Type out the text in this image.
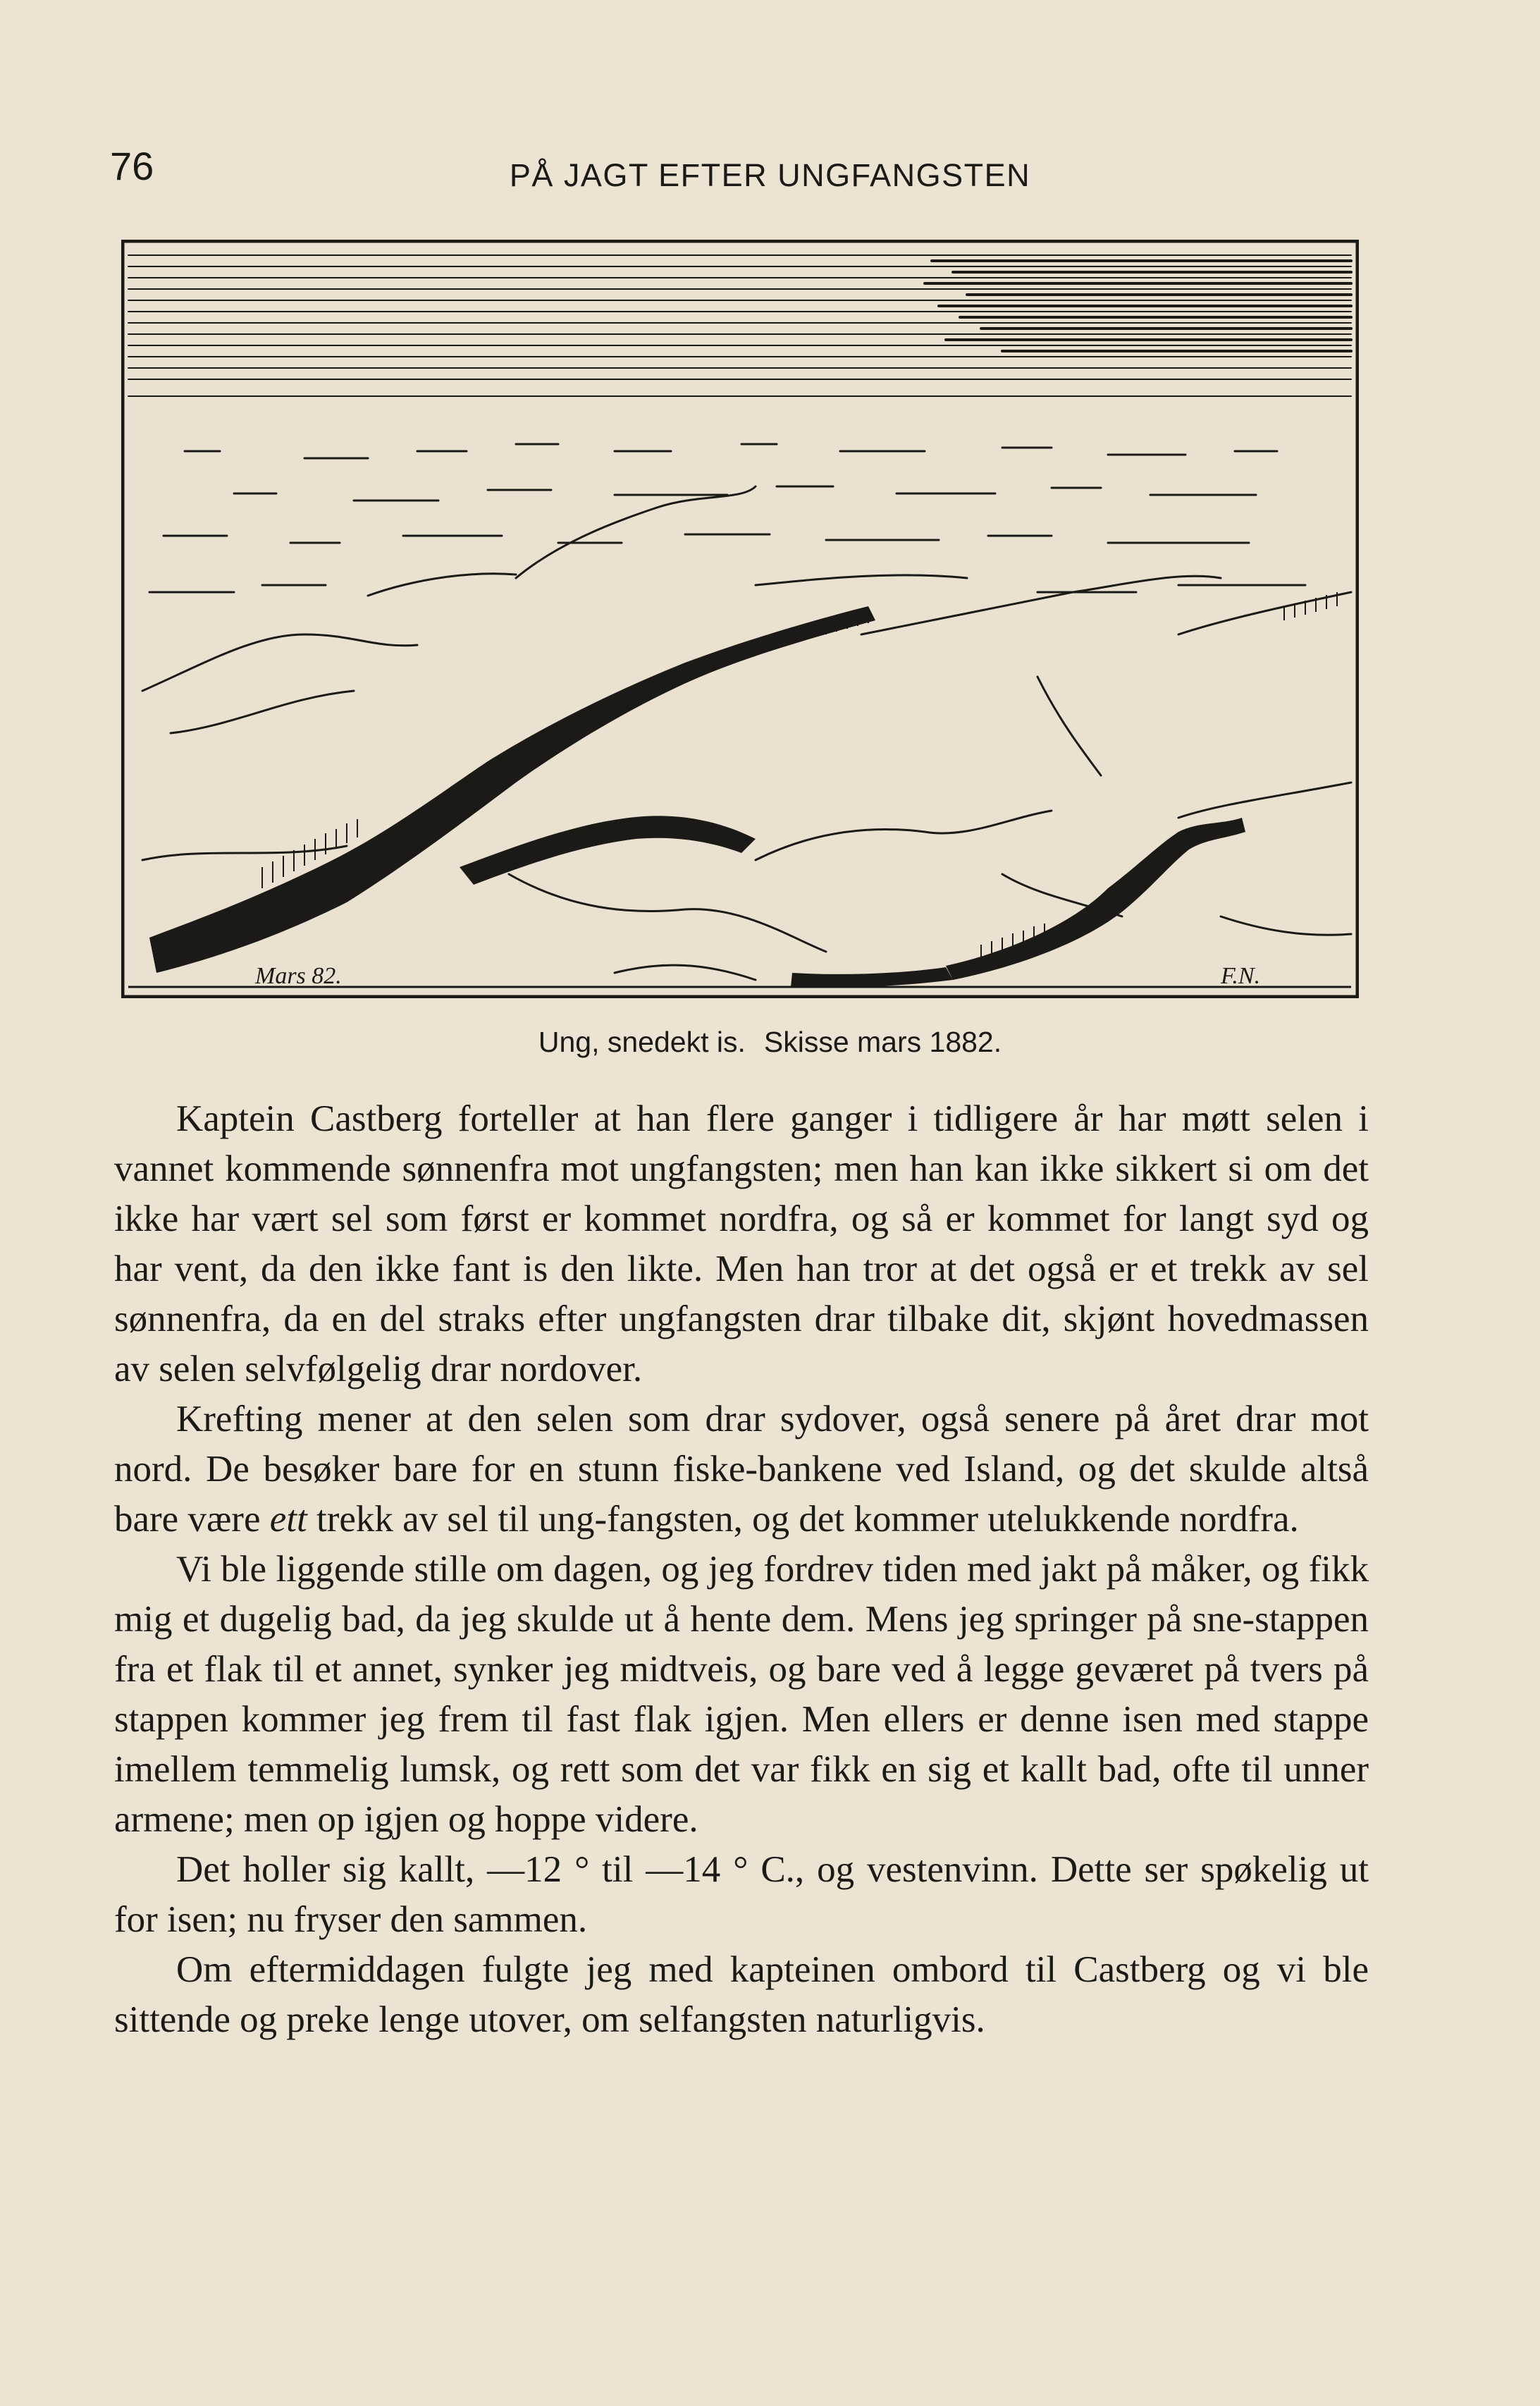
76	PÅ JAGT EFTER UNGFANGSTEN
Mars 82.	F.N.
Ung, snedekt is. Skisse mars 1882.

Kaptein Castberg forteller at han flere ganger i tidligere år har møtt selen i vannet kommende sønnenfra mot ungfangsten; men han kan ikke sikkert si om det ikke har vært sel som først er kommet nordfra, og så er kommet for langt syd og har vent, da den ikke fant is den likte. Men han tror at det også er et trekk av sel sønnenfra, da en del straks efter ungfangsten drar tilbake dit, skjønt hovedmassen av selen selvfølgelig drar nordover.

Krefting mener at den selen som drar sydover, også senere på året drar mot nord. De besøker bare for en stunn fiske-bankene ved Island, og det skulde altså bare være ett trekk av sel til ung-fangsten, og det kommer utelukkende nordfra.

Vi ble liggende stille om dagen, og jeg fordrev tiden med jakt på måker, og fikk mig et dugelig bad, da jeg skulde ut å hente dem. Mens jeg springer på sne-stappen fra et flak til et annet, synker jeg midtveis, og bare ved å legge geværet på tvers på stappen kommer jeg frem til fast flak igjen. Men ellers er denne isen med stappe imellem temmelig lumsk, og rett som det var fikk en sig et kallt bad, ofte til unner armene; men op igjen og hoppe videre.

Det holler sig kallt, —12 ° til —14 ° C., og vestenvinn. Dette ser spøkelig ut for isen; nu fryser den sammen.

Om eftermiddagen fulgte jeg med kapteinen ombord til Castberg og vi ble sittende og preke lenge utover, om selfangsten naturligvis.
